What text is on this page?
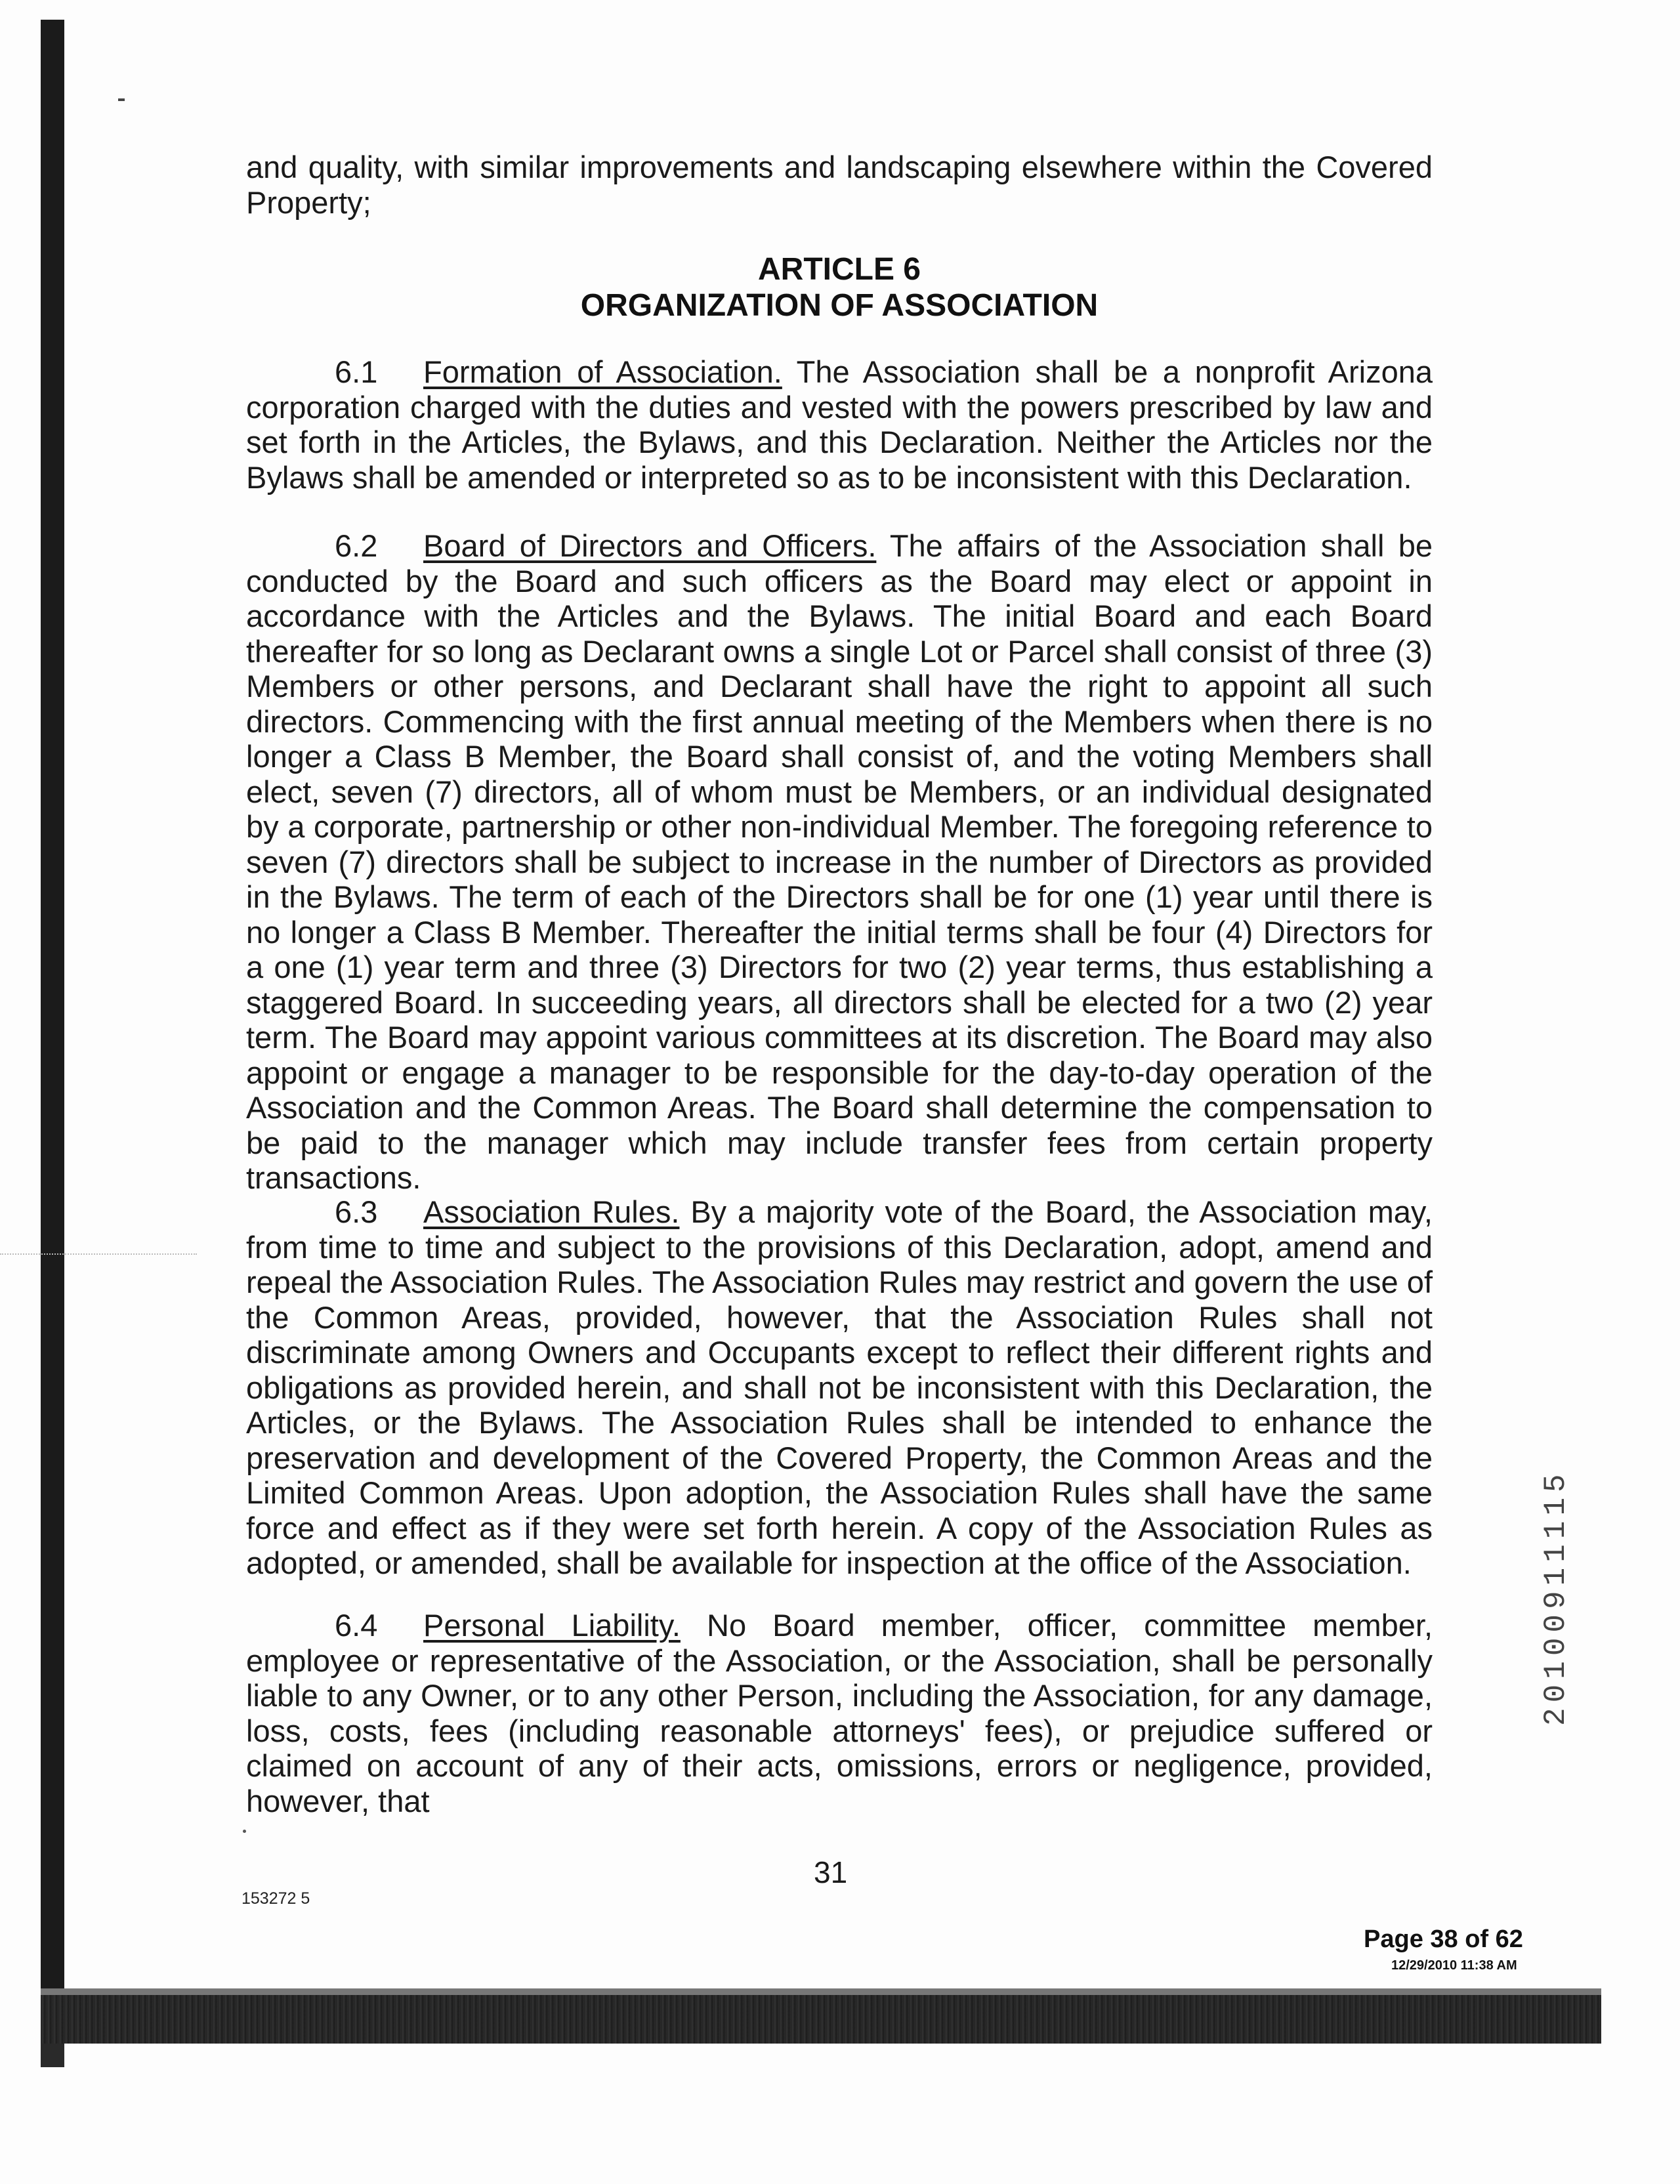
and quality, with similar improvements and landscaping elsewhere within the Covered Property;

ARTICLE 6
ORGANIZATION OF ASSOCIATION

6.1 Formation of Association. The Association shall be a nonprofit Arizona corporation charged with the duties and vested with the powers prescribed by law and set forth in the Articles, the Bylaws, and this Declaration. Neither the Articles nor the Bylaws shall be amended or interpreted so as to be inconsistent with this Declaration.

6.2 Board of Directors and Officers. The affairs of the Association shall be conducted by the Board and such officers as the Board may elect or appoint in accordance with the Articles and the Bylaws. The initial Board and each Board thereafter for so long as Declarant owns a single Lot or Parcel shall consist of three (3) Members or other persons, and Declarant shall have the right to appoint all such directors. Commencing with the first annual meeting of the Members when there is no longer a Class B Member, the Board shall consist of, and the voting Members shall elect, seven (7) directors, all of whom must be Members, or an individual designated by a corporate, partnership or other non-individual Member. The foregoing reference to seven (7) directors shall be subject to increase in the number of Directors as provided in the Bylaws. The term of each of the Directors shall be for one (1) year until there is no longer a Class B Member. Thereafter the initial terms shall be four (4) Directors for a one (1) year term and three (3) Directors for two (2) year terms, thus establishing a staggered Board. In succeeding years, all directors shall be elected for a two (2) year term. The Board may appoint various committees at its discretion. The Board may also appoint or engage a manager to be responsible for the day-to-day operation of the Association and the Common Areas. The Board shall determine the compensation to be paid to the manager which may include transfer fees from certain property transactions.

6.3 Association Rules. By a majority vote of the Board, the Association may, from time to time and subject to the provisions of this Declaration, adopt, amend and repeal the Association Rules. The Association Rules may restrict and govern the use of the Common Areas, provided, however, that the Association Rules shall not discriminate among Owners and Occupants except to reflect their different rights and obligations as provided herein, and shall not be inconsistent with this Declaration, the Articles, or the Bylaws. The Association Rules shall be intended to enhance the preservation and development of the Covered Property, the Common Areas and the Limited Common Areas. Upon adoption, the Association Rules shall have the same force and effect as if they were set forth herein. A copy of the Association Rules as adopted, or amended, shall be available for inspection at the office of the Association.

6.4 Personal Liability. No Board member, officer, committee member, employee or representative of the Association, or the Association, shall be personally liable to any Owner, or to any other Person, including the Association, for any damage, loss, costs, fees (including reasonable attorneys' fees), or prejudice suffered or claimed on account of any of their acts, omissions, errors or negligence, provided, however, that

31
153272 5
20100911115
Page 38 of 62
12/29/2010 11:38 AM
